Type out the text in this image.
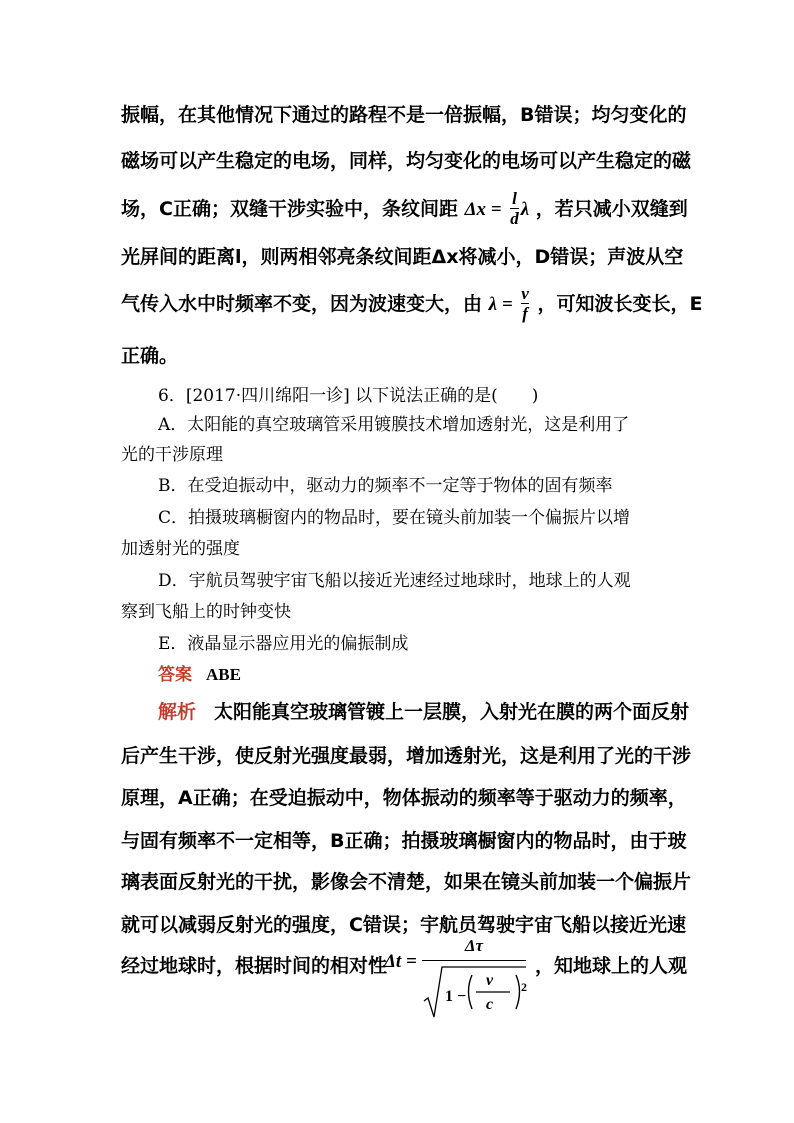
振幅，在其他情况下通过的路程不是一倍振幅，B错误；均匀变化的
磁场可以产生稳定的电场，同样，均匀变化的电场可以产生稳定的磁
场，C正确；双缝干涉实验中，条纹间距 $\Delta x = \frac{l}{d}$ λ ，若只减小双缝到
光屏间的距离l，则两相邻亮条纹间距Δx将减小，D错误；声波从空
气传入水中时频率不变，因为波速变大，由 $\lambda = \frac{v}{f}$ ，可知波长变长，E
正确。
6．[2017·四川绵阳一诊] 以下说法正确的是(　　)
A．太阳能的真空玻璃管采用镀膜技术增加透射光，这是利用了
光的干涉原理
B．在受迫振动中，驱动力的频率不一定等于物体的固有频率
C．拍摄玻璃橱窗内的物品时，要在镜头前加装一个偏振片以增
加透射光的强度
D．宇航员驾驶宇宙飞船以接近光速经过地球时，地球上的人观
察到飞船上的时钟变快
E．液晶显示器应用光的偏振制成
答案 ABE
解析 太阳能真空玻璃管镀上一层膜，入射光在膜的两个面反射
后产生干涉，使反射光强度最弱，增加透射光，这是利用了光的干涉
原理，A正确；在受迫振动中，物体振动的频率等于驱动力的频率，
与固有频率不一定相等，B正确；拍摄玻璃橱窗内的物品时，由于玻
璃表面反射光的干扰，影像会不清楚，如果在镜头前加装一个偏振片
就可以减弱反射光的强度，C错误；宇航员驾驶宇宙飞船以接近光速
经过地球时，根据时间的相对性
Δt =
Δτ
1 −
v
c
2
，知地球上的人观
